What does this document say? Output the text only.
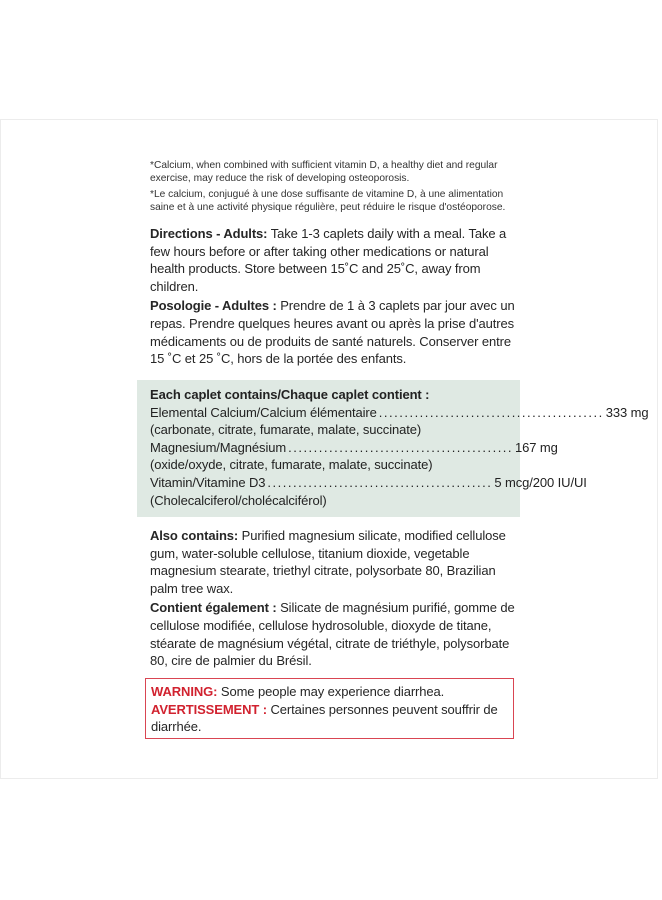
*Calcium, when combined with sufficient vitamin D, a healthy diet and regular exercise, may reduce the risk of developing osteoporosis.

*Le calcium, conjugué à une dose suffisante de vitamine D, à une alimentation saine et à une activité physique régulière, peut réduire le risque d'ostéoporose.

Directions - Adults: Take 1-3 caplets daily with a meal. Take a few hours before or after taking other medications or natural health products. Store between 15˚C and 25˚C, away from children.

Posologie - Adultes : Prendre de 1 à 3 caplets par jour avec un repas. Prendre quelques heures avant ou après la prise d'autres médicaments ou de produits de santé naturels. Conserver entre 15 ˚C et 25 ˚C, hors de la portée des enfants.

Each caplet contains/Chaque caplet contient :

Elemental Calcium/Calcium élémentaire ............................................ 333 mg

(carbonate, citrate, fumarate, malate, succinate)

Magnesium/Magnésium ............................................ 167 mg

(oxide/oxyde, citrate, fumarate, malate, succinate)

Vitamin/Vitamine D3 ............................................ 5 mcg/200 IU/UI

(Cholecalciferol/cholécalciférol)

Also contains: Purified magnesium silicate, modified cellulose gum, water-soluble cellulose, titanium dioxide, vegetable magnesium stearate, triethyl citrate, polysorbate 80, Brazilian palm tree wax.

Contient également : Silicate de magnésium purifié, gomme de cellulose modifiée, cellulose hydrosoluble, dioxyde de titane, stéarate de magnésium végétal, citrate de triéthyle, polysorbate 80, cire de palmier du Brésil.

WARNING: Some people may experience diarrhea.

AVERTISSEMENT : Certaines personnes peuvent souffrir de diarrhée.
